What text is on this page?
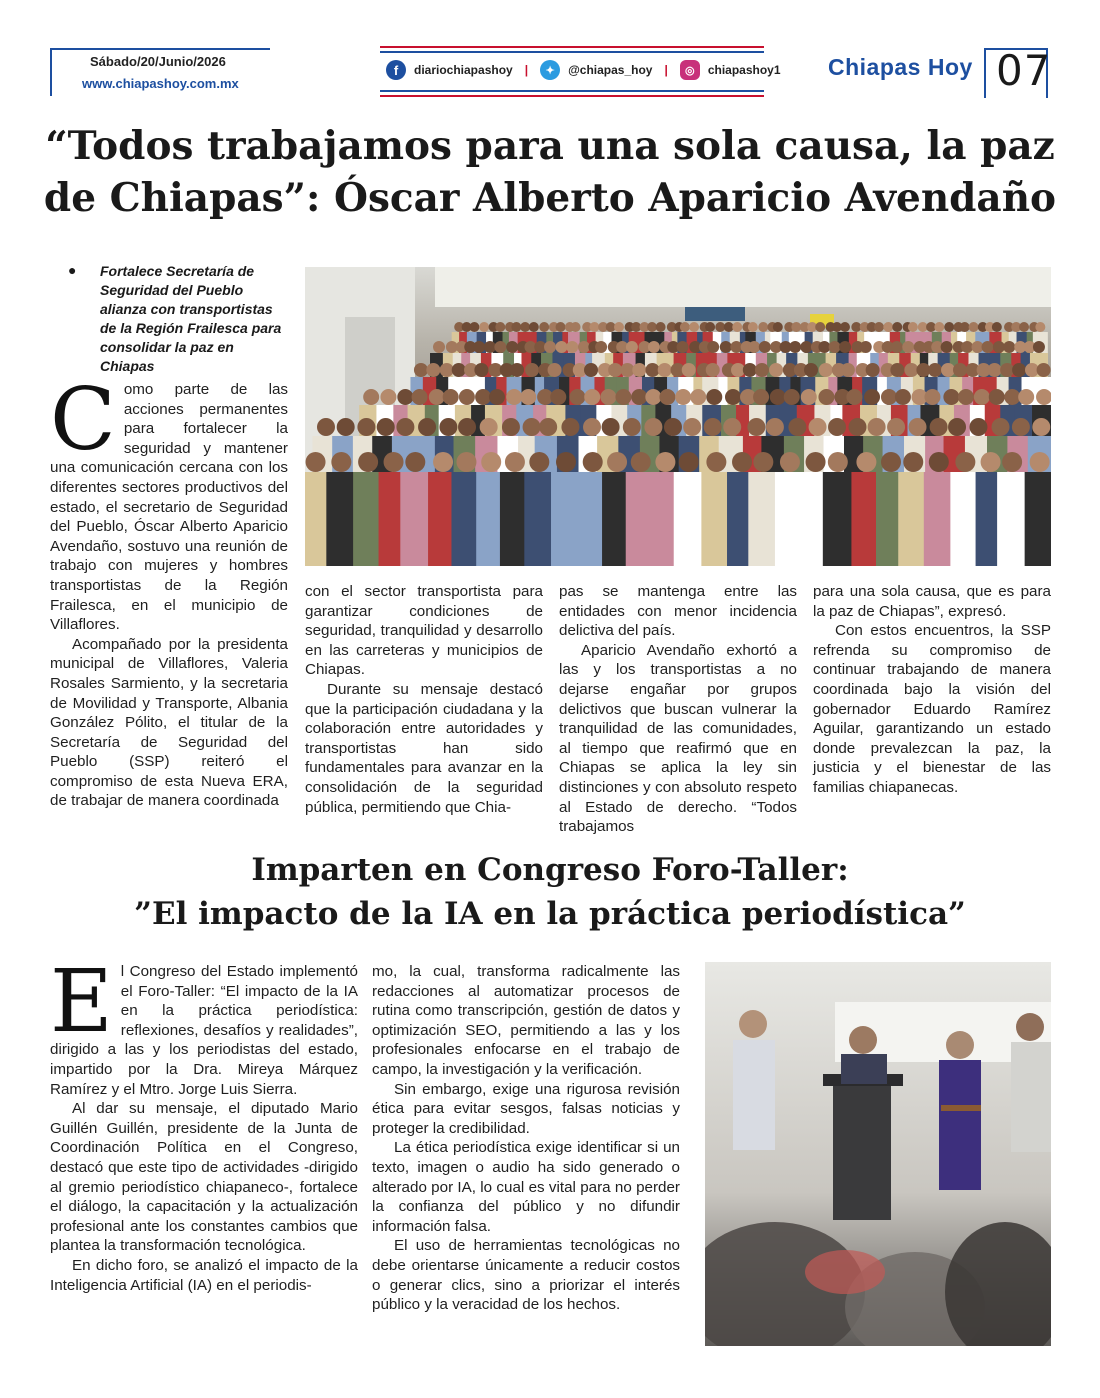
Sábado/20/Junio/2026
www.chiapashoy.com.mx
f	diariochiapashoy |	✦	@chiapas_hoy |	◎	chiapashoy1 Chiapas Hoy 07
“Todos trabajamos para una sola causa, la paz de Chiapas”: Óscar Alberto Aparicio Avendaño
●	Fortalece Secretaría de Seguridad del Pueblo alianza con transportistas de la Región Frailesca para consolidar la paz en Chiapas

Como parte de las acciones permanentes para fortalecer la seguridad y mantener una comunicación cercana con los diferentes sectores productivos del estado, el secretario de Seguridad del Pueblo, Óscar Alberto Aparicio Avendaño, sostuvo una reunión de trabajo con mujeres y hombres transportistas de la Región Frailesca, en el municipio de Villaflores.

Acompañado por la presidenta municipal de Villaflores, Valeria Rosales Sarmiento, y la secretaria de Movilidad y Transporte, Albania González Pólito, el titular de la Secretaría de Seguridad del Pueblo (SSP) reiteró el compromiso de esta Nueva ERA, de trabajar de manera coordinada

con el sector transportista para garantizar condiciones de seguridad, tranquilidad y desarrollo en las carreteras y municipios de Chiapas.

Durante su mensaje destacó que la participación ciudadana y la colaboración entre autoridades y transportistas han sido fundamentales para avanzar en la consolidación de la seguridad pública, permitiendo que Chia-

pas se mantenga entre las entidades con menor incidencia delictiva del país.

Aparicio Avendaño exhortó a las y los transportistas a no dejarse engañar por grupos delictivos que buscan vulnerar la tranquilidad de las comunidades, al tiempo que reafirmó que en Chiapas se aplica la ley sin distinciones y con absoluto respeto al Estado de derecho. “Todos trabajamos

para una sola causa, que es para la paz de Chiapas”, expresó.

Con estos encuentros, la SSP refrenda su compromiso de continuar trabajando de manera coordinada bajo la visión del gobernador Eduardo Ramírez Aguilar, garantizando un estado donde prevalezcan la paz, la justicia y el bienestar de las familias chiapanecas.

Imparten en Congreso Foro-Taller:
”El impacto de la IA en la práctica periodística”

El Congreso del Estado implementó el Foro-Taller: “El impacto de la IA en la práctica periodística: reflexiones, desafíos y realidades”, dirigido a las y los periodistas del estado, impartido por la Dra. Mireya Márquez Ramírez y el Mtro. Jorge Luis Sierra.

Al dar su mensaje, el diputado Mario Guillén Guillén, presidente de la Junta de Coordinación Política en el Congreso, destacó que este tipo de actividades -dirigido al gremio periodístico chiapaneco-, fortalece el diálogo, la capacitación y la actualización profesional ante los constantes cambios que plantea la transformación tecnológica.

En dicho foro, se analizó el impacto de la Inteligencia Artificial (IA) en el periodis-

mo, la cual, transforma radicalmente las redacciones al automatizar procesos de rutina como transcripción, gestión de datos y optimización SEO, permitiendo a las y los profesionales enfocarse en el trabajo de campo, la investigación y la verificación.

Sin embargo, exige una rigurosa revisión ética para evitar sesgos, falsas noticias y proteger la credibilidad.

La ética periodística exige identificar si un texto, imagen o audio ha sido generado o alterado por IA, lo cual es vital para no perder la confianza del público y no difundir información falsa.

El uso de herramientas tecnológicas no debe orientarse únicamente a reducir costos o generar clics, sino a priorizar el interés público y la veracidad de los hechos.
